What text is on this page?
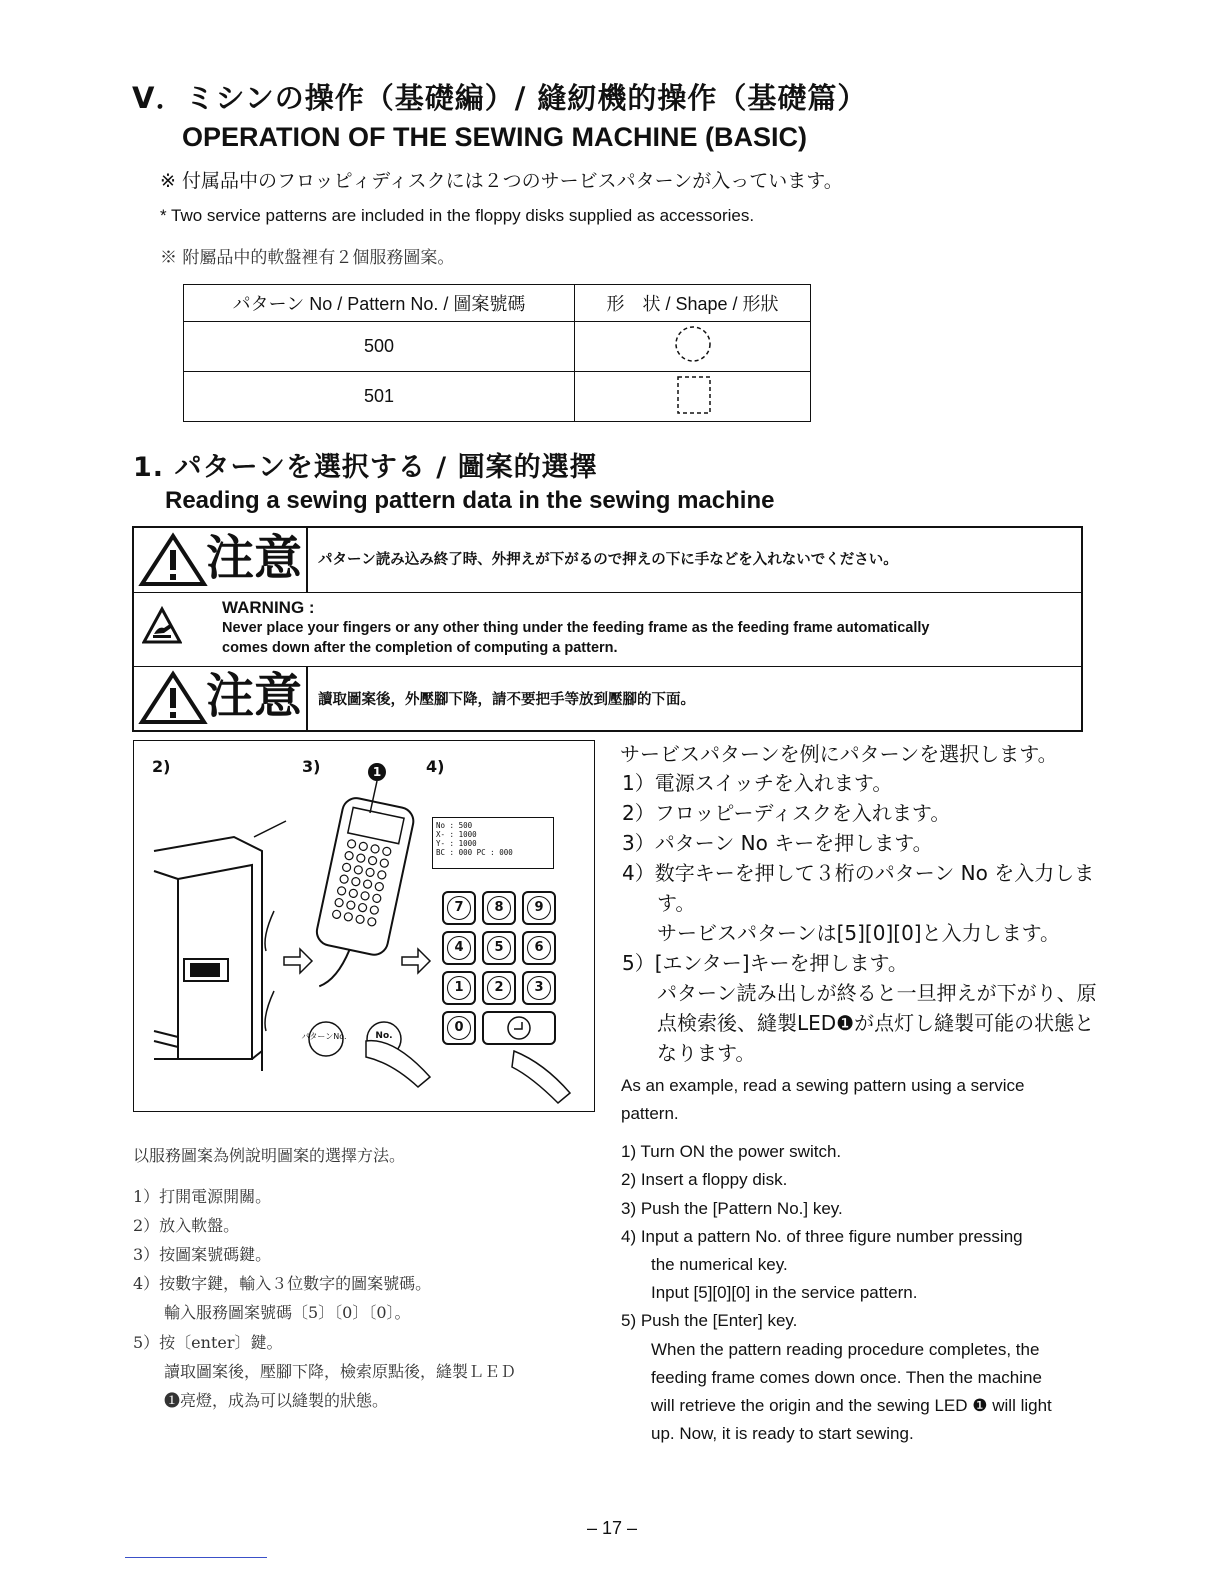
V．ミシンの操作（基礎編）/ 縫紉機的操作（基礎篇）
OPERATION OF THE SEWING MACHINE (BASIC)
※ 付属品中のフロッピィディスクには２つのサービスパターンが入っています。
* Two service patterns are included in the floppy disks supplied as accessories.
※ 附屬品中的軟盤裡有２個服務圖案。
パターン No / Pattern No. / 圖案號碼	形　状 / Shape / 形狀
500	
501	
1. パターンを選択する / 圖案的選擇
Reading a sewing pattern data in the sewing machine
注意 パターン読み込み終了時、外押えが下がるので押えの下に手などを入れないでください。
WARNING :
Never place your fingers or any other thing under the feeding frame as the feeding frame automatically
comes down after the completion of computing a pattern.
注意 讀取圖案後，外壓腳下降，請不要把手等放到壓腳的下面。
2)	3)	4)
1
No : 500
X- : 1000
Y- : 1000
BC : 000 PC : 000
7	8	9
4	5	6
1	2	3
0
パターンNo.	No.
サービスパターンを例にパターンを選択します。
1）電源スイッチを入れます。
2）フロッピーディスクを入れます。
3）パターン No キーを押します。
4）数字キーを押して３桁のパターン No を入力しま
す。
サービスパターンは[5][0][0]と入力します。
5）[エンター]キーを押します。
パターン読み出しが終ると一旦押えが下がり、原
点検索後、縫製LED❶が点灯し縫製可能の状態と
なります。
As an example, read a sewing pattern using a service
pattern.
1) Turn ON the power switch.
2) Insert a floppy disk.
3) Push the [Pattern No.] key.
4) Input a pattern No. of three figure number pressing
the numerical key.
Input [5][0][0] in the service pattern.
5) Push the [Enter] key.
When the pattern reading procedure completes, the
feeding frame comes down once. Then the machine
will retrieve the origin and the sewing LED ❶ will light
up. Now, it is ready to start sewing.
以服務圖案為例說明圖案的選擇方法。
1）打開電源開關。
2）放入軟盤。
3）按圖案號碼鍵。
4）按數字鍵，輸入３位數字的圖案號碼。
輸入服務圖案號碼〔5〕〔0〕〔0〕。
5）按〔enter〕鍵。
讀取圖案後，壓腳下降，檢索原點後，縫製ＬＥＤ
❶亮燈，成為可以縫製的狀態。
– 17 –
